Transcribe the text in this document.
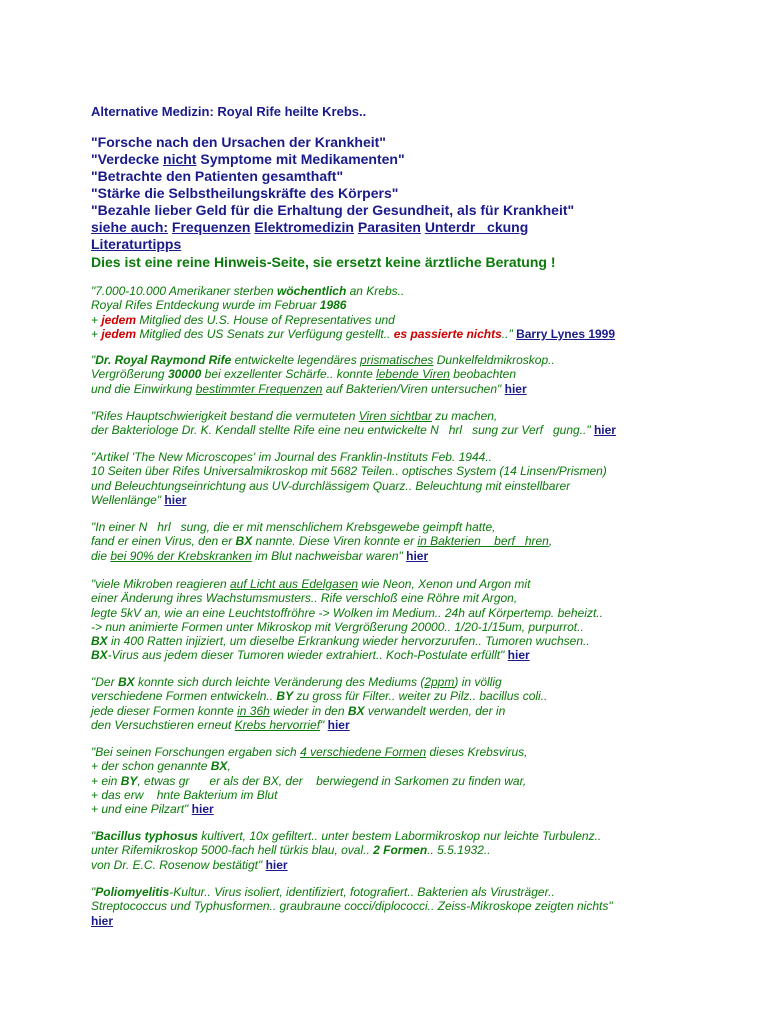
Alternative Medizin: Royal Rife heilte Krebs..
"Forsche nach den Ursachen der Krankheit"
"Verdecke nicht Symptome mit Medikamenten"
"Betrachte den Patienten gesamthaft"
"Stärke die Selbstheilungskräfte des Körpers"
"Bezahle lieber Geld für die Erhaltung der Gesundheit, als für Krankheit"
siehe auch: Frequenzen Elektromedizin Parasiten Unterdr   ckung
Literaturtipps
Dies ist eine reine Hinweis-Seite, sie ersetzt keine ärztliche Beratung !
"7.000-10.000 Amerikaner sterben wöchentlich an Krebs..
Royal Rifes Entdeckung wurde im Februar 1986
+ jedem Mitglied des U.S. House of Representatives und
+ jedem Mitglied des US Senats zur Verfügung gestellt.. es passierte nichts.." Barry Lynes 1999
"Dr. Royal Raymond Rife entwickelte legendäres prismatisches Dunkelfeldmikroskop..
Vergrößerung 30000 bei exzellenter Schärfe.. konnte lebende Viren beobachten
und die Einwirkung bestimmter Frequenzen auf Bakterien/Viren untersuchen" hier
"Rifes Hauptschwierigkeit bestand die vermuteten Viren sichtbar zu machen,
der Bakteriologe Dr. K. Kendall stellte Rife eine neu entwickelte N   hrl   sung zur Verf   gung.." hier
"Artikel 'The New Microscopes' im Journal des Franklin-Instituts Feb. 1944..
10 Seiten über Rifes Universalmikroskop mit 5682 Teilen.. optisches System (14 Linsen/Prismen)
und Beleuchtungseinrichtung aus UV-durchlässigem Quarz.. Beleuchtung mit einstellbarer
Wellenlänge" hier
"In einer N   hrl   sung, die er mit menschlichem Krebsgewebe geimpft hatte,
fand er einen Virus, den er BX nannte. Diese Viren konnte er in Bakterien    berf   hren,
die bei 90% der Krebskranken im Blut nachweisbar waren" hier
"viele Mikroben reagieren auf Licht aus Edelgasen wie Neon, Xenon und Argon mit
einer Änderung ihres Wachstumsmusters.. Rife verschloß eine Röhre mit Argon,
legte 5kV an, wie an eine Leuchtstoffröhre -> Wolken im Medium.. 24h auf Körpertemp. beheizt..
-> nun animierte Formen unter Mikroskop mit Vergrößerung 20000.. 1/20-1/15um, purpurrot..
BX in 400 Ratten injiziert, um dieselbe Erkrankung wieder hervorzurufen.. Tumoren wuchsen..
BX-Virus aus jedem dieser Tumoren wieder extrahiert.. Koch-Postulate erfüllt" hier
"Der BX konnte sich durch leichte Veränderung des Mediums (2ppm) in völlig
verschiedene Formen entwickeln.. BY zu gross für Filter.. weiter zu Pilz.. bacillus coli..
jede dieser Formen konnte in 36h wieder in den BX verwandelt werden, der in
den Versuchstieren erneut Krebs hervorrief" hier
"Bei seinen Forschungen ergaben sich 4 verschiedene Formen dieses Krebsvirus,
+ der schon genannte BX,
+ ein BY, etwas gr      er als der BX, der    berwiegend in Sarkomen zu finden war,
+ das erw    hnte Bakterium im Blut
+ und eine Pilzart" hier
"Bacillus typhosus kultivert, 10x gefiltert.. unter bestem Labormikroskop nur leichte Turbulenz..
unter Rifemikroskop 5000-fach hell türkis blau, oval.. 2 Formen.. 5.5.1932..
von Dr. E.C. Rosenow bestätigt" hier
"Poliomyelitis-Kultur.. Virus isoliert, identifiziert, fotografiert.. Bakterien als Virusträger..
Streptococcus und Typhusformen.. graubraune cocci/diplococci.. Zeiss-Mikroskope zeigten nichts"
hier
